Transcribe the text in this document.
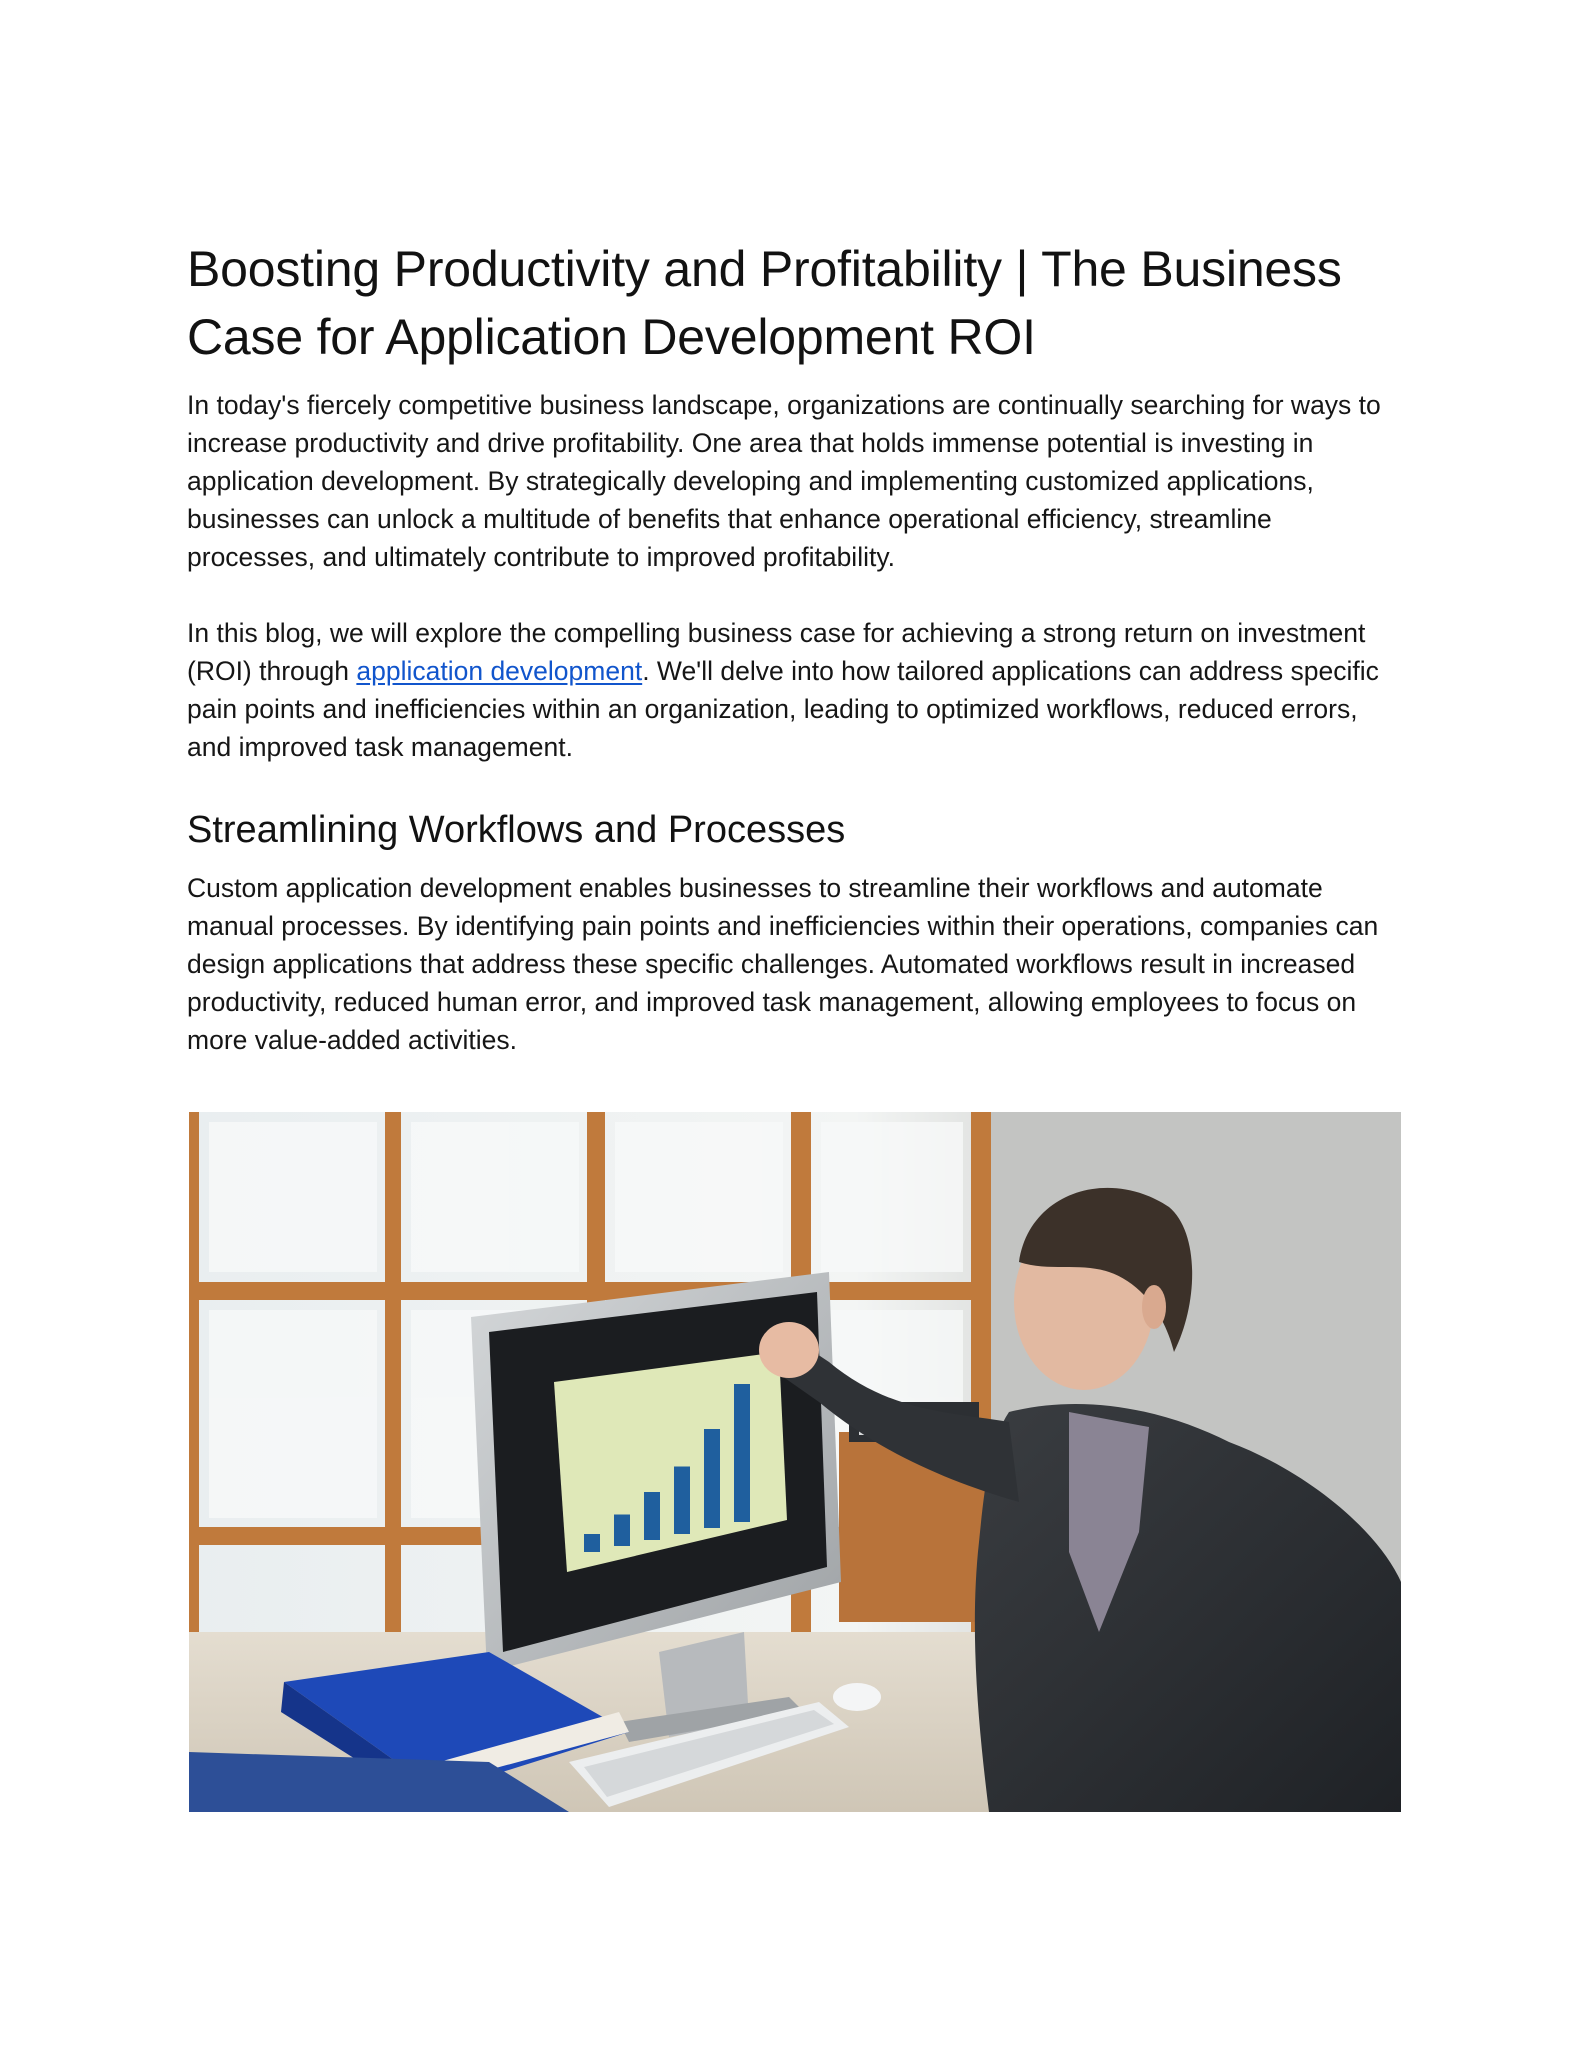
Boosting Productivity and Profitability | The Business Case for Application Development ROI

In today's fiercely competitive business landscape, organizations are continually searching for ways to increase productivity and drive profitability. One area that holds immense potential is investing in application development. By strategically developing and implementing customized applications, businesses can unlock a multitude of benefits that enhance operational efficiency, streamline processes, and ultimately contribute to improved profitability.

In this blog, we will explore the compelling business case for achieving a strong return on investment (ROI) through application development. We'll delve into how tailored applications can address specific pain points and inefficiencies within an organization, leading to optimized workflows, reduced errors, and improved task management.

Streamlining Workflows and Processes

Custom application development enables businesses to streamline their workflows and automate manual processes. By identifying pain points and inefficiencies within their operations, companies can design applications that address these specific challenges. Automated workflows result in increased productivity, reduced human error, and improved task management, allowing employees to focus on more value-added activities.
